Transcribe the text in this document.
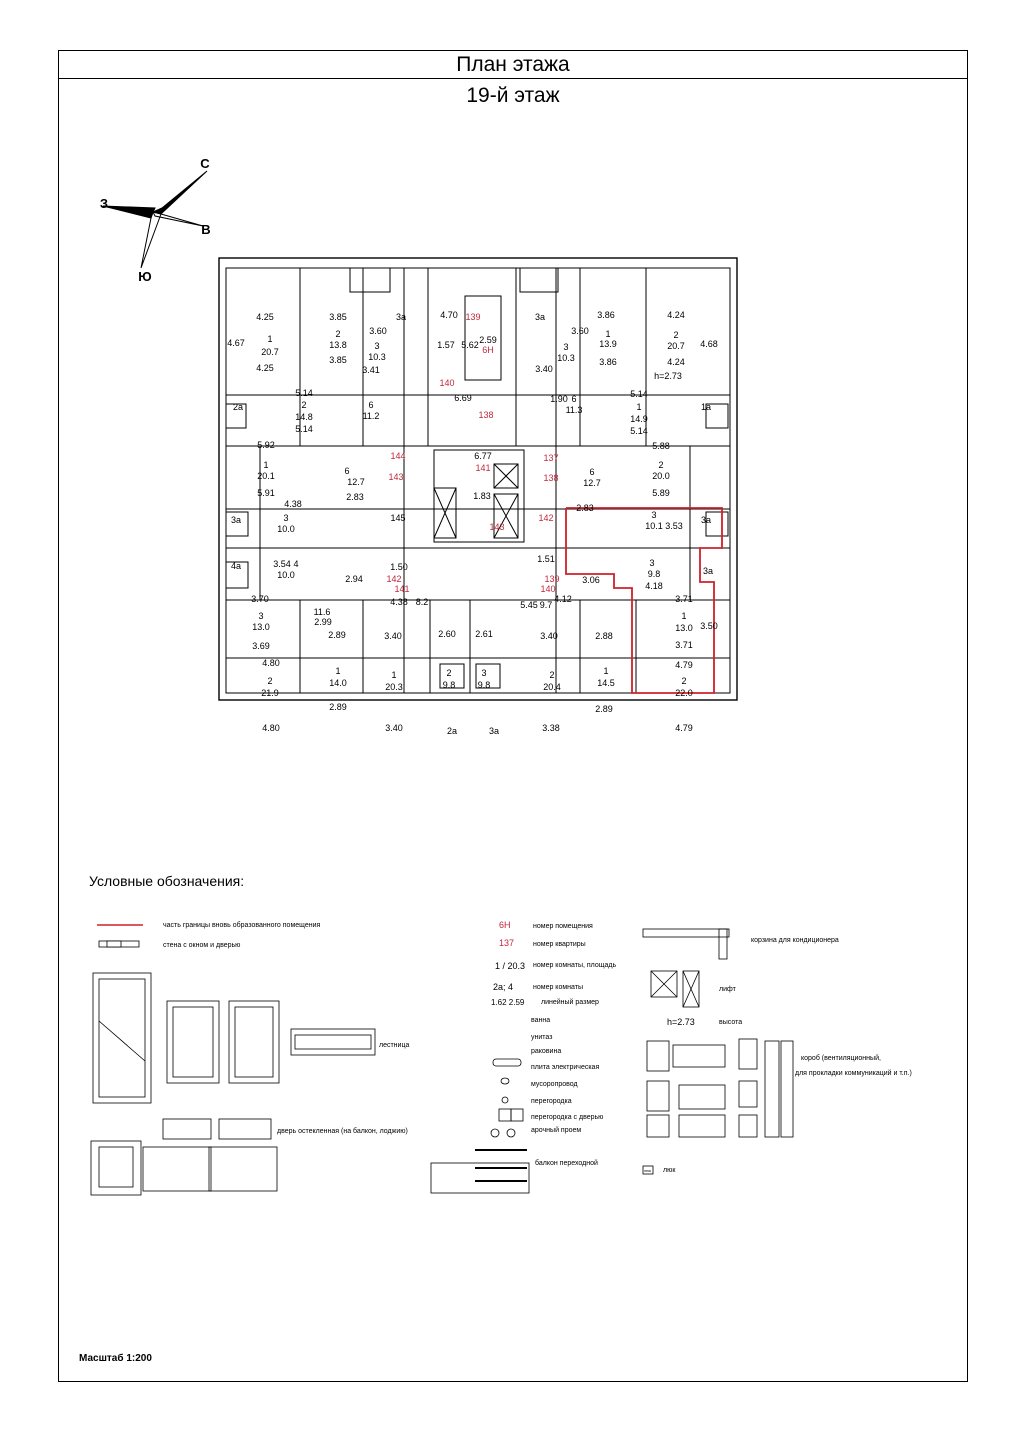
План этажа
19-й этаж
С
В
З
Ю
Условные обозначения:
часть границы вновь образованного помещения
стена с окном и дверью
лестница
дверь остекленная (на балкон, лоджию)
6Н	номер помещения
137	номер квартиры
1 / 20.3 номер комнаты, площадь
2а; 4	номер комнаты
1.62 2.59 линейный размер
ванна
унитаз
раковина
плита электрическая
мусоропровод
перегородка
перегородка с дверью
арочный проем
балкон переходной
корзина для кондиционера
лифт
h=2.73	высота
короб (вентиляционный,
для прокладки коммуникаций и т.п.)
люк люк
Масштаб 1:200
4.25	3.85	3а	4.70 139	3а	3.86	4.24
4.67	1
20.7
4.25
2
13.8
3.85
3.60
1.57 5.62 2.59
6Н
1
13.9
3.86
3.60	2
20.7
4.24
h=2.73
4.68
3
10.3
3.41
3
10.3
3.40
140
6.69
138
2а
5.14
2
14.8
5.14
6
11.2
1.90 6
11.3
5.14
1
14.9
5.14
1а
5.92
1
20.1
5.91
144
143
6.77
141
137
138
5.88
2
20.0
5.89
6
12.7
2.83
6
12.7
1.83
4.38
3а	3
10.0
145
143
142
2.83
3
10.1 3.53
3а
4а	3.54 4
10.0	2.94
1.50
1.51
142
141
139
140
3
9.8
3.06
4.18
3а
3.70
3
13.0
3.69
11.6
2.99
4.38 8.2	5.45 9.7
4.12	3.71
1
13.0
3.71
3.50
4.80
2.89	3.40	2.60 2.61	3.40	2.88
4.79
1
14.0
1
20.3
2
9.8
3
9.8
2
20.4
1
14.5
2
21.9
2
22.0
2.89	2.89
4.80	3.40	2а	3а	3.38	4.79
